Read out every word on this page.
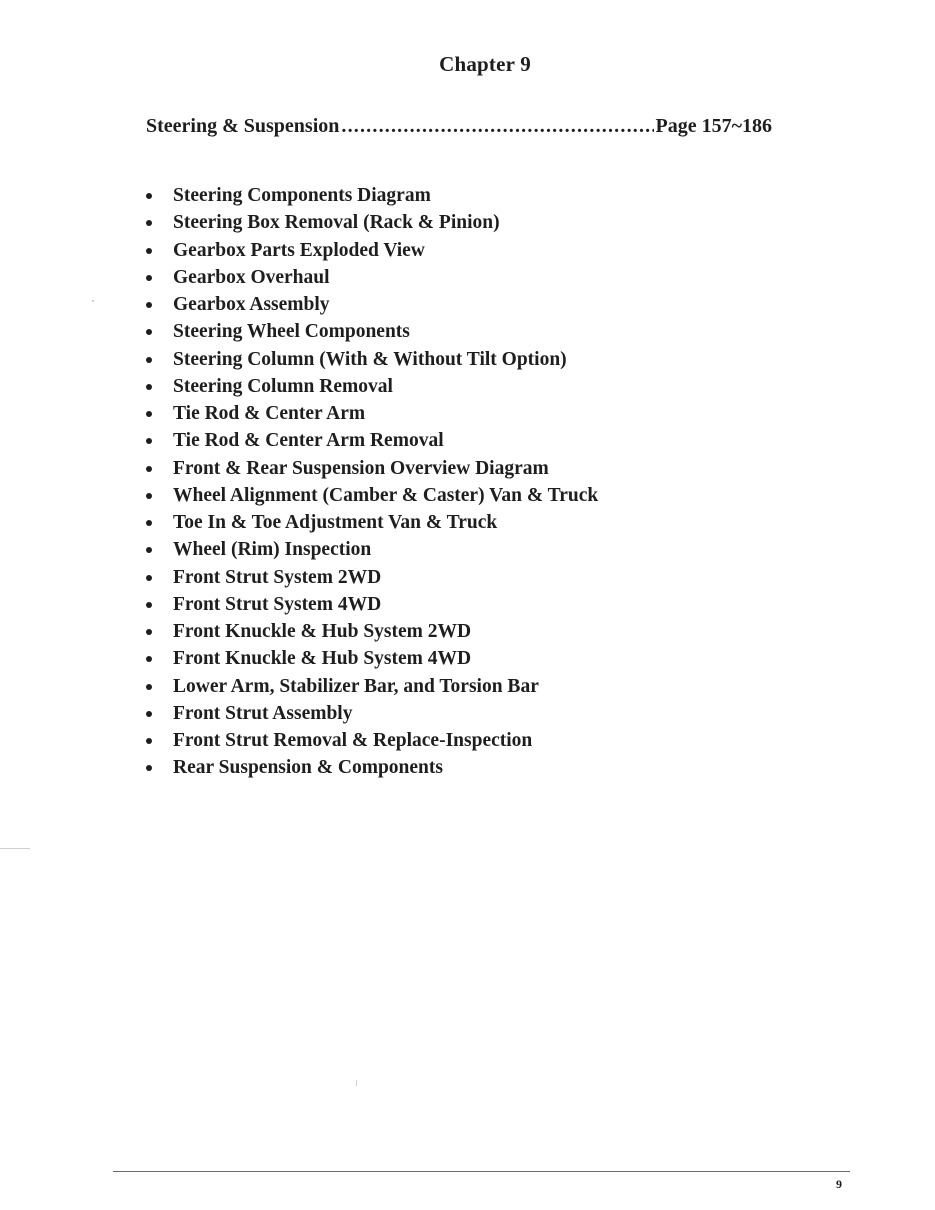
Chapter 9
Steering & Suspension
.....	Page 157~186
Steering Components Diagram
Steering Box Removal (Rack & Pinion)
Gearbox Parts Exploded View
Gearbox Overhaul
Gearbox Assembly
Steering Wheel Components
Steering Column (With & Without Tilt Option)
Steering Column Removal
Tie Rod & Center Arm
Tie Rod & Center Arm Removal
Front & Rear Suspension Overview Diagram
Wheel Alignment (Camber & Caster) Van & Truck
Toe In & Toe Adjustment Van & Truck
Wheel (Rim) Inspection
Front Strut System 2WD
Front Strut System 4WD
Front Knuckle & Hub System 2WD
Front Knuckle & Hub System 4WD
Lower Arm, Stabilizer Bar, and Torsion Bar
Front Strut Assembly
Front Strut Removal & Replace-Inspection
Rear Suspension & Components
9
